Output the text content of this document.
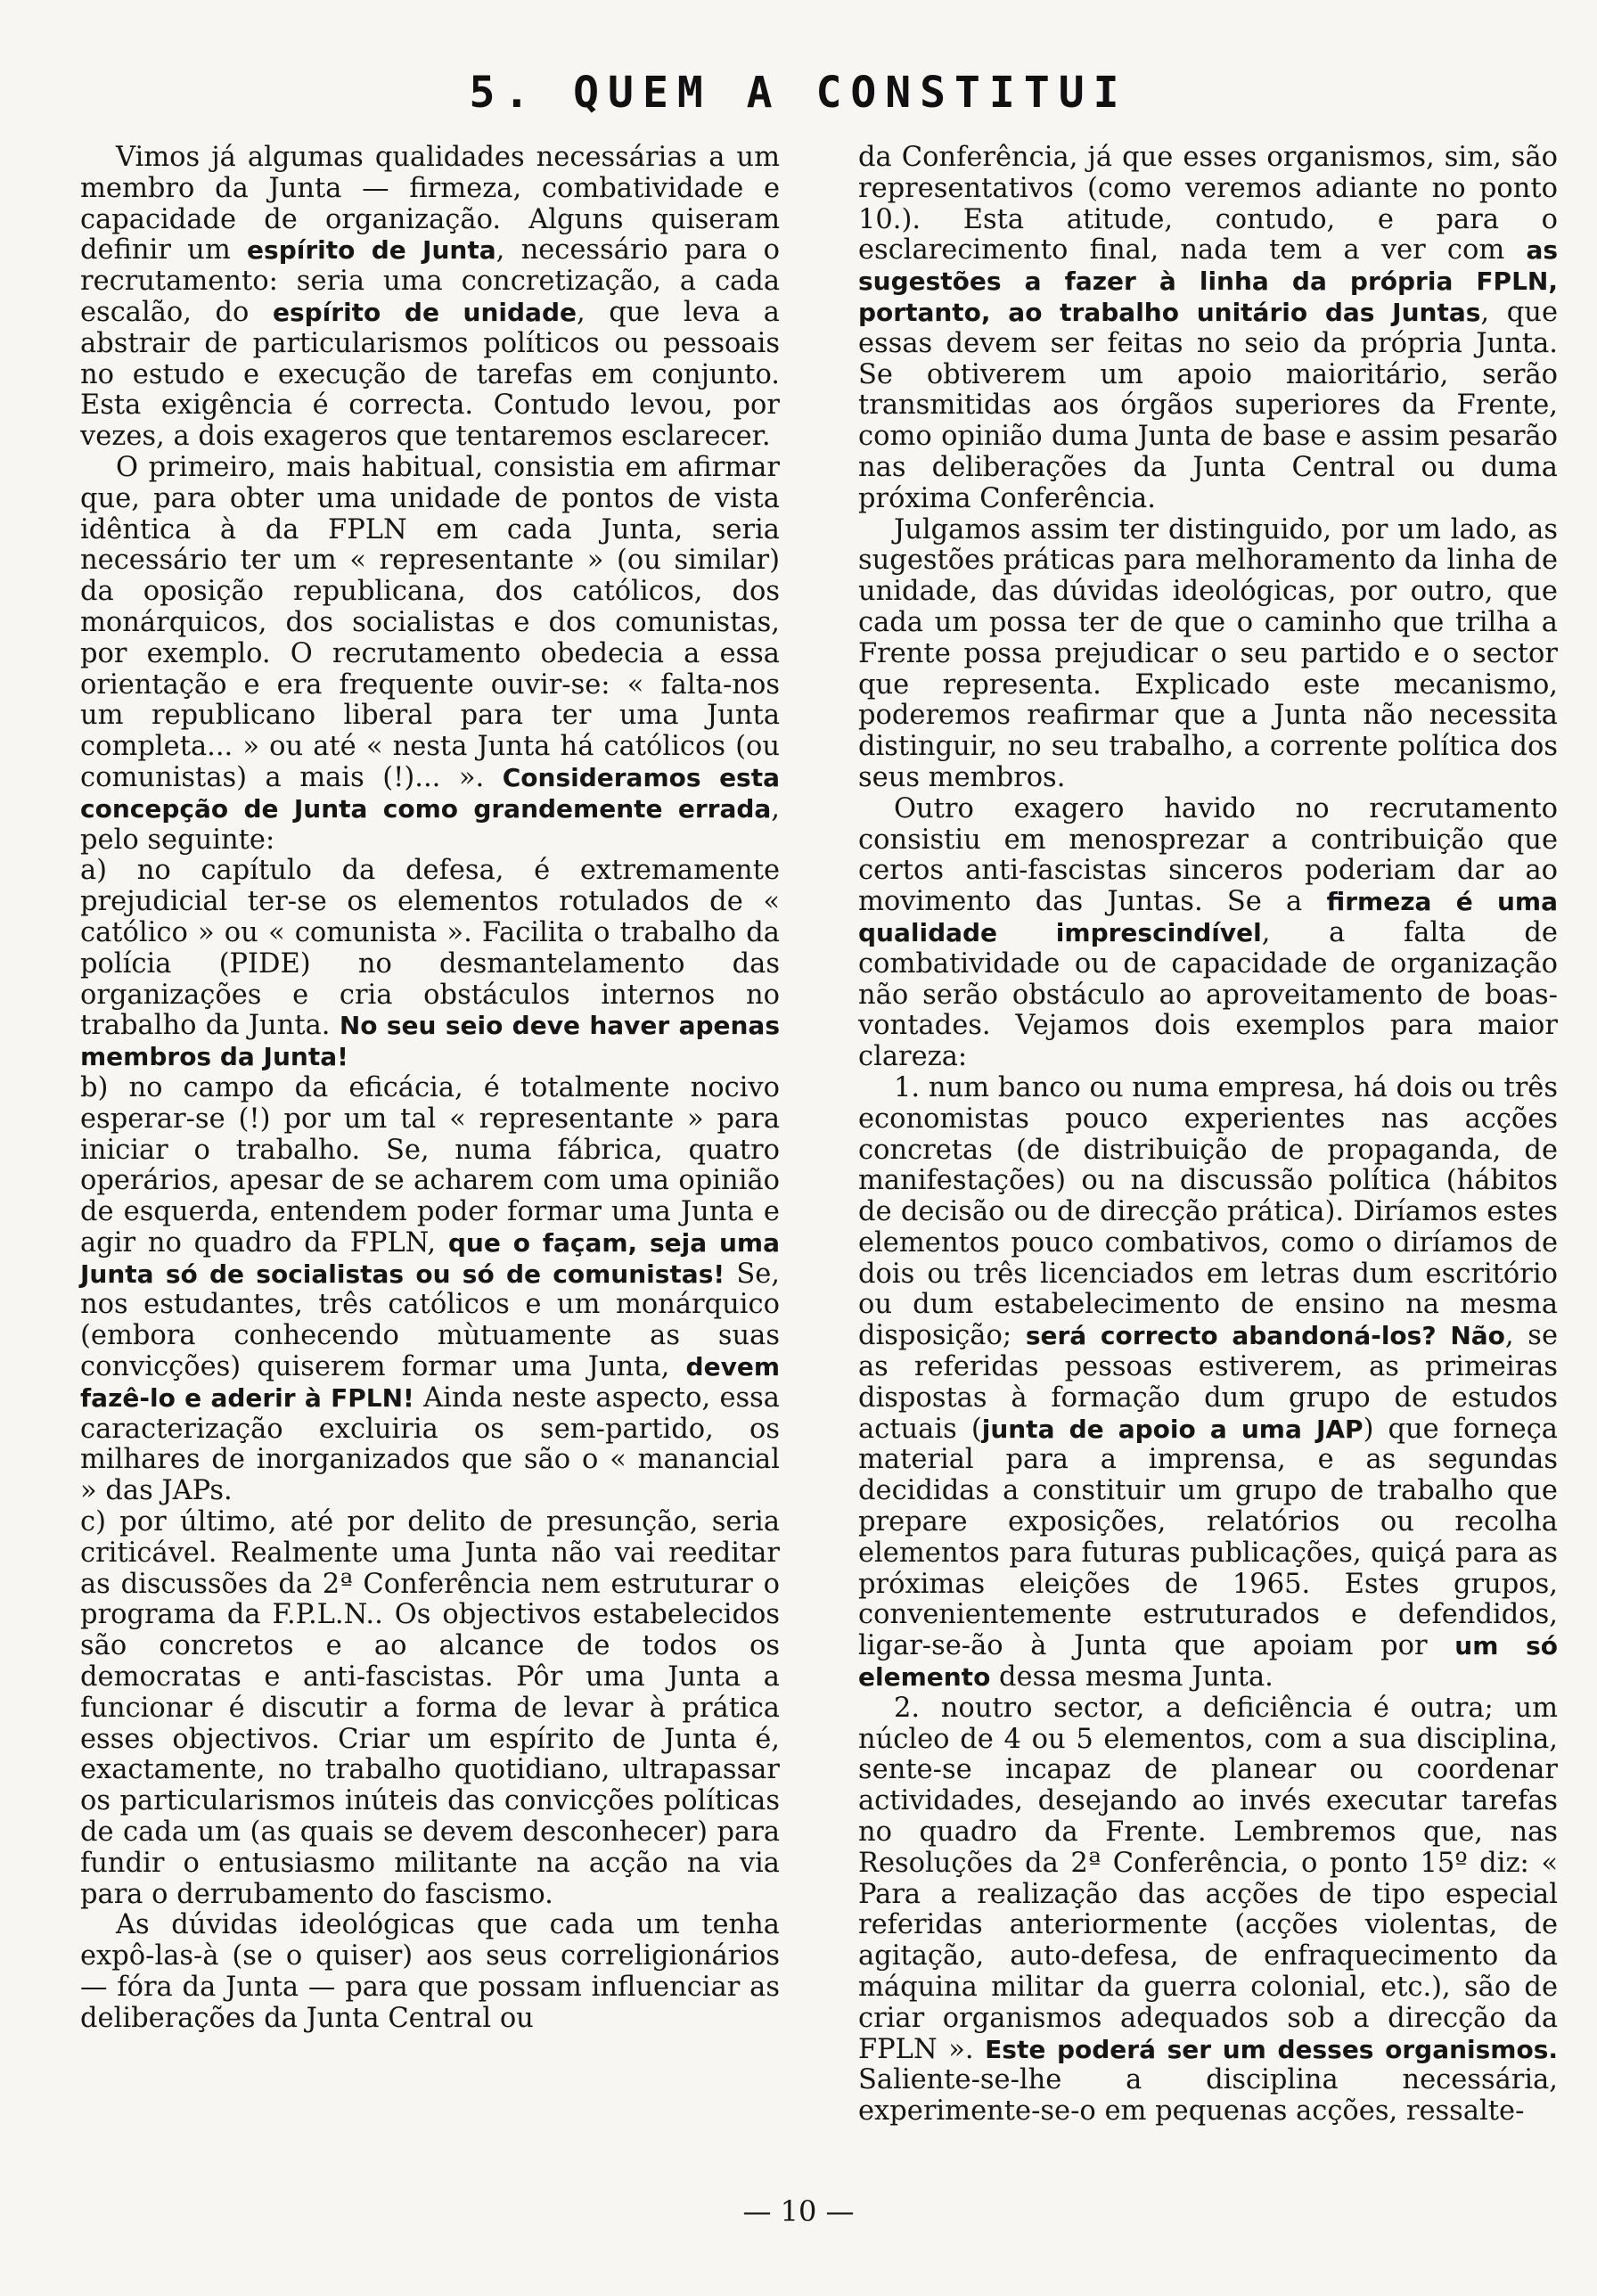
5. QUEM A CONSTITUI

Vimos já algumas qualidades necessárias a um membro da Junta — firmeza, combatividade e capacidade de organização. Alguns quiseram definir um espírito de Junta, necessário para o recrutamento: seria uma concretização, a cada escalão, do espírito de unidade, que leva a abstrair de particularismos políticos ou pessoais no estudo e execução de tarefas em conjunto. Esta exigência é correcta. Contudo levou, por vezes, a dois exageros que tentaremos esclarecer.

O primeiro, mais habitual, consistia em afirmar que, para obter uma unidade de pontos de vista idêntica à da FPLN em cada Junta, seria necessário ter um « representante » (ou similar) da oposição republicana, dos católicos, dos monárquicos, dos socialistas e dos comunistas, por exemplo. O recrutamento obedecia a essa orientação e era frequente ouvir-se: « falta-nos um republicano liberal para ter uma Junta completa... » ou até « nesta Junta há católicos (ou comunistas) a mais (!)... ». Consideramos esta concepção de Junta como grandemente errada, pelo seguinte:

a) no capítulo da defesa, é extremamente prejudicial ter-se os elementos rotulados de « católico » ou « comunista ». Facilita o trabalho da polícia (PIDE) no desmantelamento das organizações e cria obstáculos internos no trabalho da Junta. No seu seio deve haver apenas membros da Junta!

b) no campo da eficácia, é totalmente nocivo esperar-se (!) por um tal « representante » para iniciar o trabalho. Se, numa fábrica, quatro operários, apesar de se acharem com uma opinião de esquerda, entendem poder formar uma Junta e agir no quadro da FPLN, que o façam, seja uma Junta só de socialistas ou só de comunistas! Se, nos estudantes, três católicos e um monárquico (embora conhecendo mùtuamente as suas convicções) quiserem formar uma Junta, devem fazê-lo e aderir à FPLN! Ainda neste aspecto, essa caracterização excluiria os sem-partido, os milhares de inorganizados que são o « manancial » das JAPs.

c) por último, até por delito de presunção, seria criticável. Realmente uma Junta não vai reeditar as discussões da 2ª Conferência nem estruturar o programa da F.P.L.N.. Os objectivos estabelecidos são concretos e ao alcance de todos os democratas e anti-fascistas. Pôr uma Junta a funcionar é discutir a forma de levar à prática esses objectivos. Criar um espírito de Junta é, exactamente, no trabalho quotidiano, ultrapassar os particularismos inúteis das convicções políticas de cada um (as quais se devem desconhecer) para fundir o entusiasmo militante na acção na via para o derrubamento do fascismo.

As dúvidas ideológicas que cada um tenha expô-las-à (se o quiser) aos seus correligionários — fóra da Junta — para que possam influenciar as deliberações da Junta Central ou

da Conferência, já que esses organismos, sim, são representativos (como veremos adiante no ponto 10.). Esta atitude, contudo, e para o esclarecimento final, nada tem a ver com as sugestões a fazer à linha da própria FPLN, portanto, ao trabalho unitário das Juntas, que essas devem ser feitas no seio da própria Junta. Se obtiverem um apoio maioritário, serão transmitidas aos órgãos superiores da Frente, como opinião duma Junta de base e assim pesarão nas deliberações da Junta Central ou duma próxima Conferência.

Julgamos assim ter distinguido, por um lado, as sugestões práticas para melhoramento da linha de unidade, das dúvidas ideológicas, por outro, que cada um possa ter de que o caminho que trilha a Frente possa prejudicar o seu partido e o sector que representa. Explicado este mecanismo, poderemos reafirmar que a Junta não necessita distinguir, no seu trabalho, a corrente política dos seus membros.

Outro exagero havido no recrutamento consistiu em menosprezar a contribuição que certos anti-fascistas sinceros poderiam dar ao movimento das Juntas. Se a firmeza é uma qualidade imprescindível, a falta de combatividade ou de capacidade de organização não serão obstáculo ao aproveitamento de boas-vontades. Vejamos dois exemplos para maior clareza:

1. num banco ou numa empresa, há dois ou três economistas pouco experientes nas acções concretas (de distribuição de propaganda, de manifestações) ou na discussão política (hábitos de decisão ou de direcção prática). Diríamos estes elementos pouco combativos, como o diríamos de dois ou três licenciados em letras dum escritório ou dum estabelecimento de ensino na mesma disposição; será correcto abandoná-los? Não, se as referidas pessoas estiverem, as primeiras dispostas à formação dum grupo de estudos actuais (junta de apoio a uma JAP) que forneça material para a imprensa, e as segundas decididas a constituir um grupo de trabalho que prepare exposições, relatórios ou recolha elementos para futuras publicações, quiçá para as próximas eleições de 1965. Estes grupos, convenientemente estruturados e defendidos, ligar-se-ão à Junta que apoiam por um só elemento dessa mesma Junta.

2. noutro sector, a deficiência é outra; um núcleo de 4 ou 5 elementos, com a sua disciplina, sente-se incapaz de planear ou coordenar actividades, desejando ao invés executar tarefas no quadro da Frente. Lembremos que, nas Resoluções da 2ª Conferência, o ponto 15º diz: « Para a realização das acções de tipo especial referidas anteriormente (acções violentas, de agitação, auto-defesa, de enfraquecimento da máquina militar da guerra colonial, etc.), são de criar organismos adequados sob a direcção da FPLN ». Este poderá ser um desses organismos. Saliente-se-lhe a disciplina necessária, experimente-se-o em pequenas acções, ressalte-

— 10 —
